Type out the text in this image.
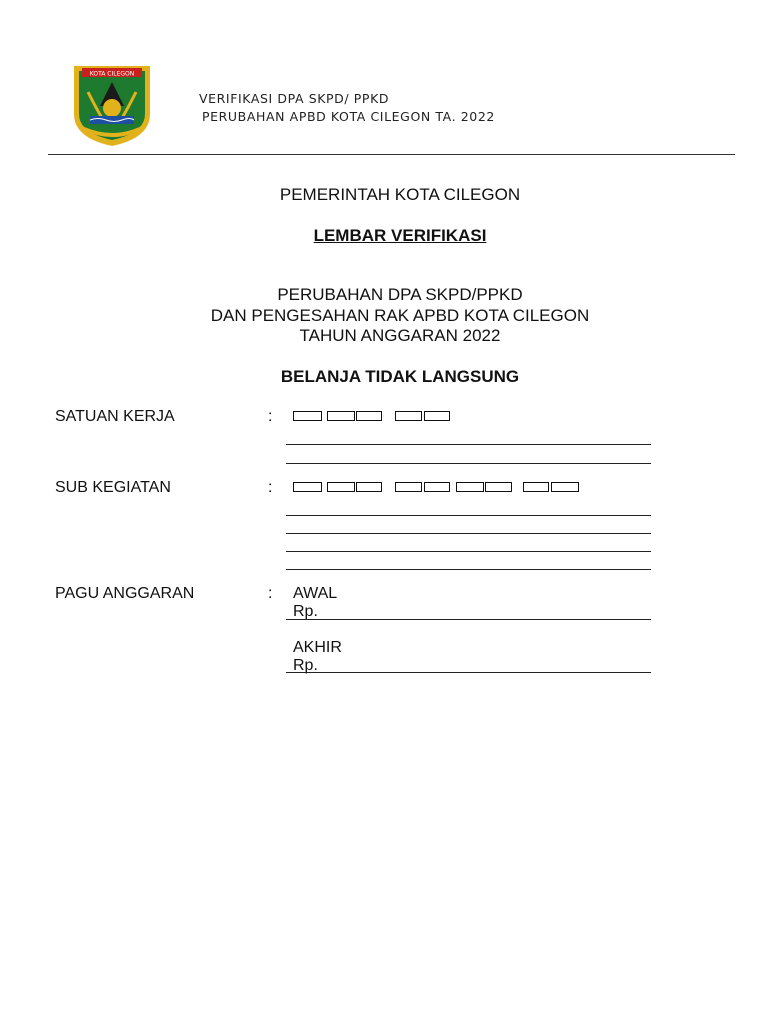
KOTA CILEGON
VERIFIKASI DPA SKPD/ PPKD
PERUBAHAN APBD KOTA CILEGON TA. 2022
PEMERINTAH KOTA CILEGON
LEMBAR VERIFIKASI
PERUBAHAN DPA SKPD/PPKD
DAN PENGESAHAN RAK APBD KOTA CILEGON
TAHUN ANGGARAN 2022
BELANJA TIDAK LANGSUNG
SATUAN KERJA	:
SUB KEGIATAN	:
PAGU ANGGARAN	: AWAL
Rp.
AKHIR
Rp.
